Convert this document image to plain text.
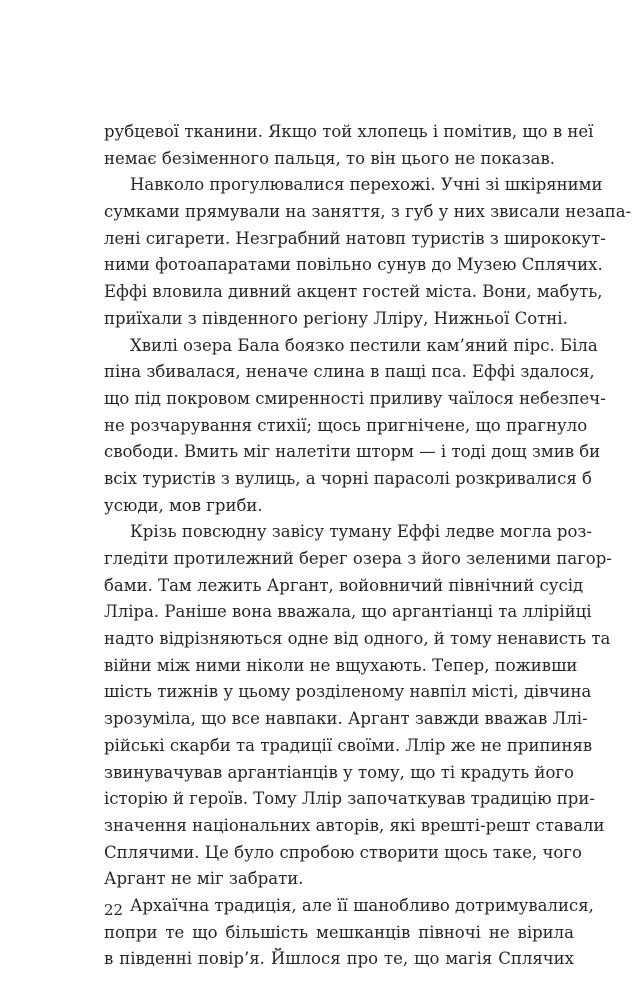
рубцевої тканини. Якщо той хлопець і помітив, що в неї
немає безіменного пальця, то він цього не показав.
Навколо прогулювалися перехожі. Учні зі шкіряними
сумками прямували на заняття, з губ у них звисали незапа-
лені сигарети. Незграбний натовп туристів з ширококут-
ними фотоапаратами повільно сунув до Музею Сплячих.
Еффі вловила дивний акцент гостей міста. Вони, мабуть,
приїхали з південного регіону Лліру, Нижньої Сотні.
Хвилі озера Бала боязко пестили кам’яний пірс. Біла
піна збивалася, неначе слина в пащі пса. Еффі здалося,
що під покровом смиренності приливу чаїлося небезпеч-
не розчарування стихії; щось пригнічене, що прагнуло
свободи. Вмить міг налетіти шторм — і тоді дощ змив би
всіх туристів з вулиць, а чорні парасолі розкривалися б
усюди, мов гриби.
Крізь повсюдну завісу туману Еффі ледве могла роз-
гледіти протилежний берег озера з його зеленими пагор-
бами. Там лежить Аргант, войовничий північний сусід
Лліра. Раніше вона вважала, що аргантіанці та ллірійці
надто відрізняються одне від одного, й тому ненависть та
війни між ними ніколи не вщухають. Тепер, поживши
шість тижнів у цьому розділеному навпіл місті, дівчина
зрозуміла, що все навпаки. Аргант завжди вважав Ллі-
рійські скарби та традиції своїми. Ллір же не припиняв
звинувачував аргантіанців у тому, що ті крадуть його
історію й героїв. Тому Ллір започаткував традицію при-
значення національних авторів, які врешті-решт ставали
Сплячими. Це було спробою створити щось таке, чого
Аргант не міг забрати.
Архаїчна традиція, але її шанобливо дотримувалися,
попри те що більшість мешканців півночі не вірила
в південні повір’я. Йшлося про те, що магія Сплячих
22
